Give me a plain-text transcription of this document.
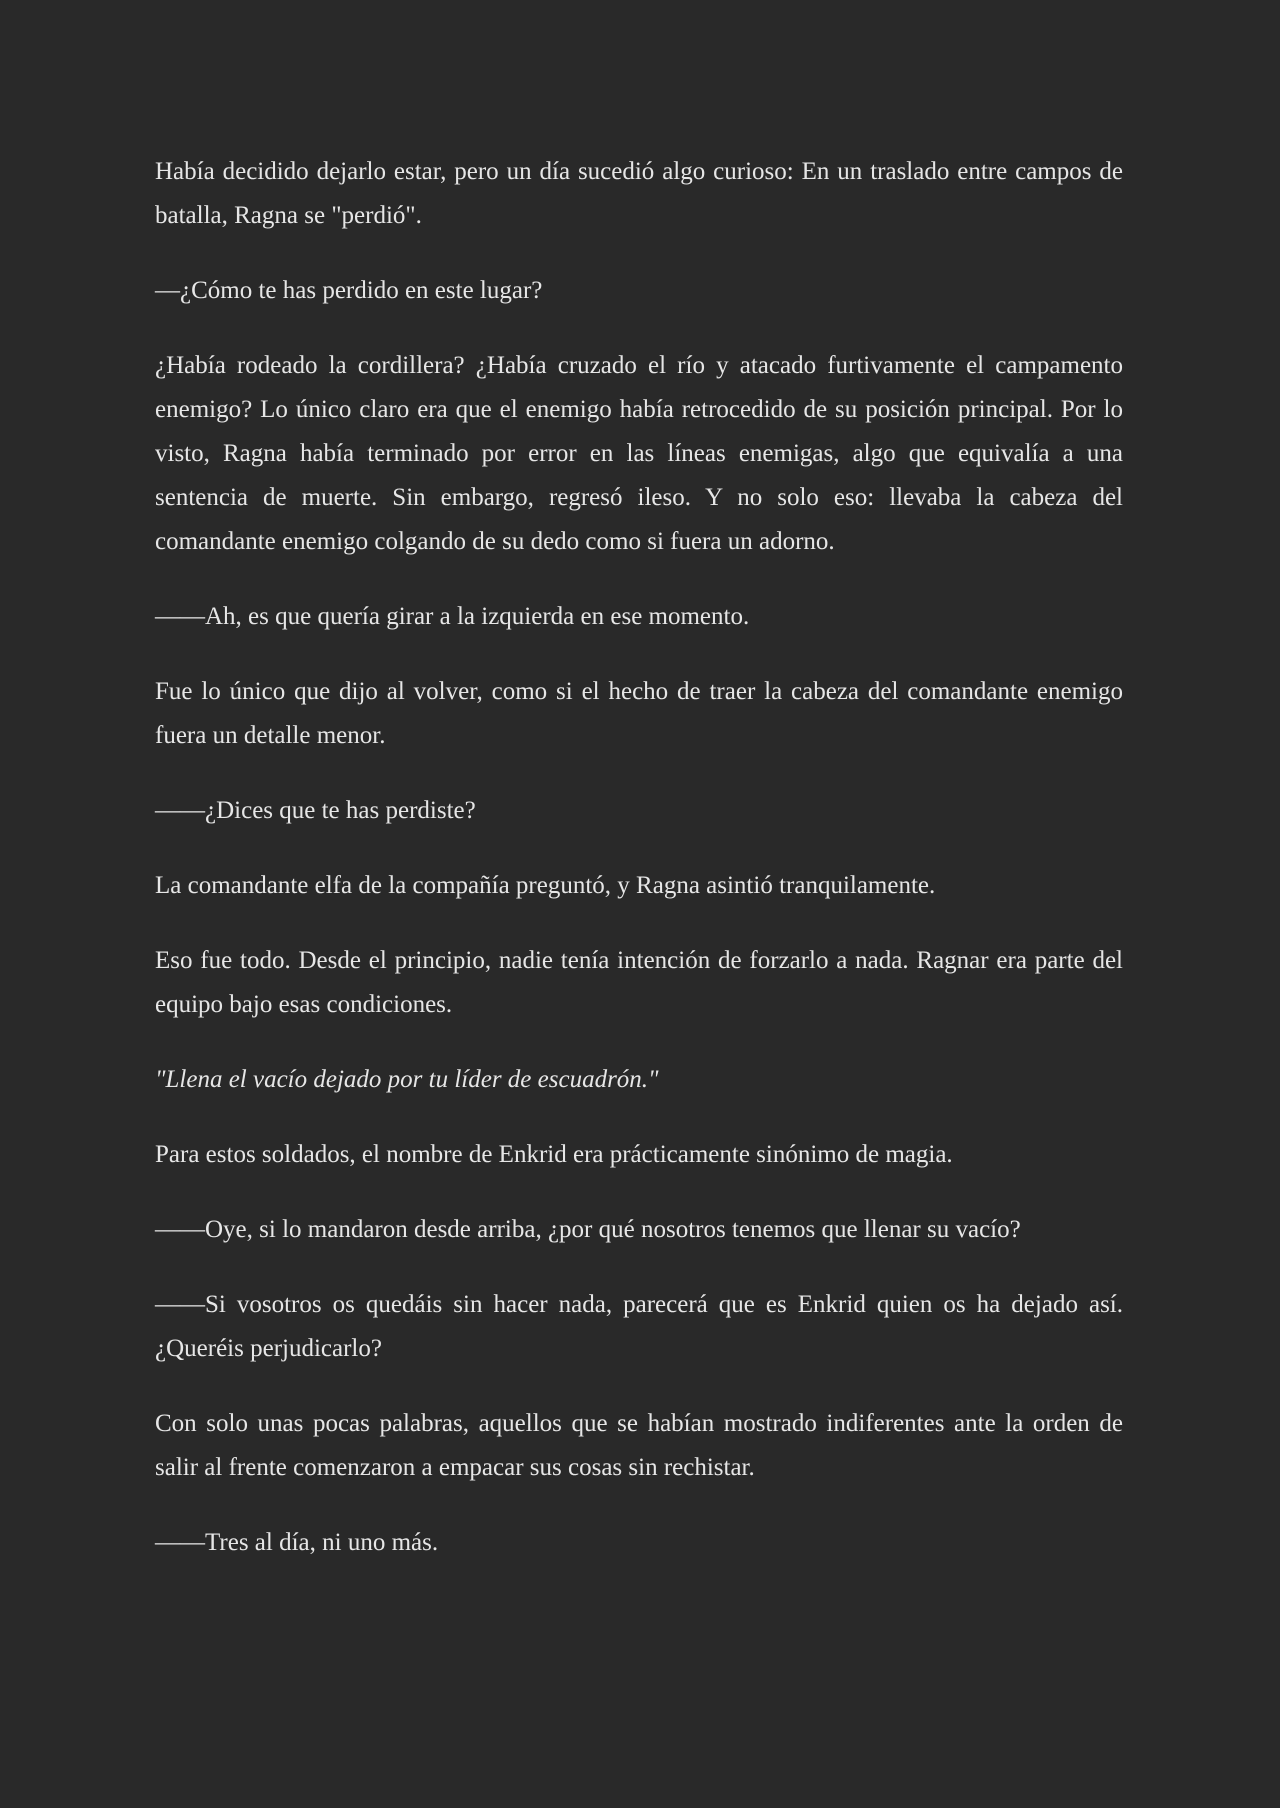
Había decidido dejarlo estar, pero un día sucedió algo curioso: En un traslado entre campos de batalla, Ragna se "perdió".

—¿Cómo te has perdido en este lugar?

¿Había rodeado la cordillera? ¿Había cruzado el río y atacado furtivamente el campamento enemigo? Lo único claro era que el enemigo había retrocedido de su posición principal. Por lo visto, Ragna había terminado por error en las líneas enemigas, algo que equivalía a una sentencia de muerte. Sin embargo, regresó ileso. Y no solo eso: llevaba la cabeza del comandante enemigo colgando de su dedo como si fuera un adorno.

——Ah, es que quería girar a la izquierda en ese momento.

Fue lo único que dijo al volver, como si el hecho de traer la cabeza del comandante enemigo fuera un detalle menor.

——¿Dices que te has perdiste?

La comandante elfa de la compañía preguntó, y Ragna asintió tranquilamente.

Eso fue todo. Desde el principio, nadie tenía intención de forzarlo a nada. Ragnar era parte del equipo bajo esas condiciones.

"Llena el vacío dejado por tu líder de escuadrón."

Para estos soldados, el nombre de Enkrid era prácticamente sinónimo de magia.

——Oye, si lo mandaron desde arriba, ¿por qué nosotros tenemos que llenar su vacío?

——Si vosotros os quedáis sin hacer nada, parecerá que es Enkrid quien os ha dejado así. ¿Queréis perjudicarlo?

Con solo unas pocas palabras, aquellos que se habían mostrado indiferentes ante la orden de salir al frente comenzaron a empacar sus cosas sin rechistar.

——Tres al día, ni uno más.
